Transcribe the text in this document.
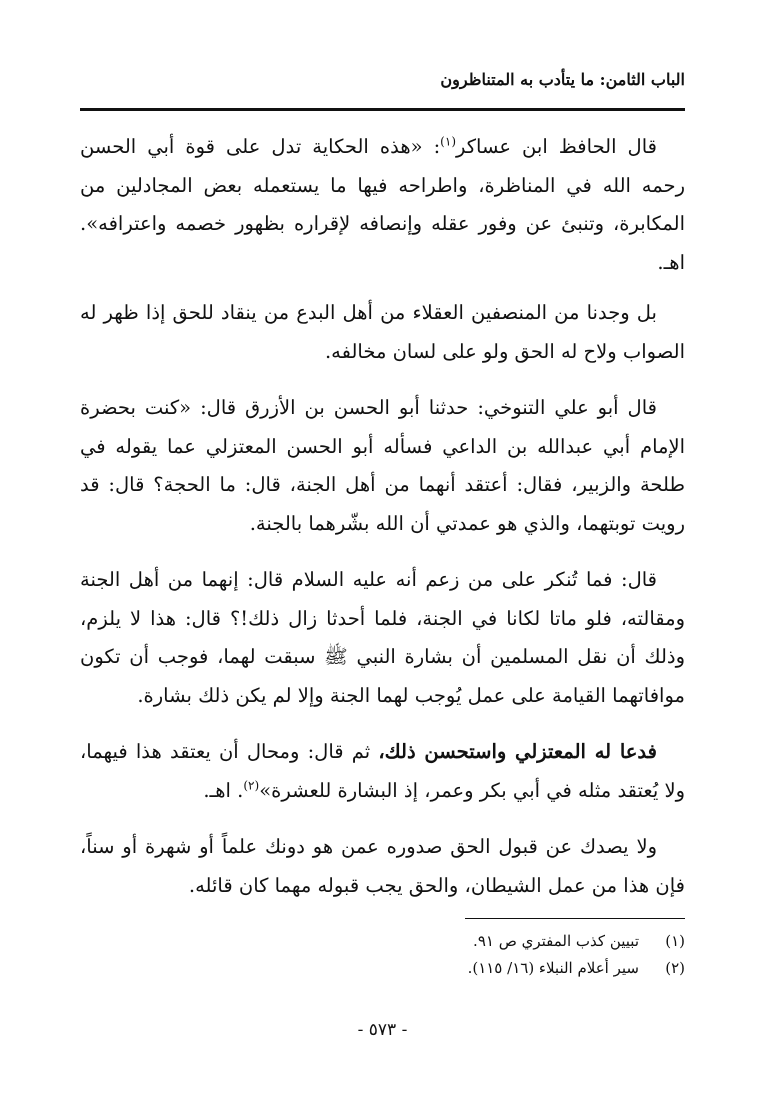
الباب الثامن: ما يتأدب به المتناظرون

قال الحافظ ابن عساكر$^{(١)}$: «هذه الحكاية تدل على قوة أبي الحسن رحمه الله في المناظرة، واطراحه فيها ما يستعمله بعض المجادلين من المكابرة، وتنبئ عن وفور عقله وإنصافه لإقراره بظهور خصمه واعترافه». اهـ.

بل وجدنا من المنصفين العقلاء من أهل البدع من ينقاد للحق إذا ظهر له الصواب ولاح له الحق ولو على لسان مخالفه.

قال أبو علي التنوخي: حدثنا أبو الحسن بن الأزرق قال: «كنت بحضرة الإمام أبي عبدالله بن الداعي فسأله أبو الحسن المعتزلي عما يقوله في طلحة والزبير، فقال: أعتقد أنهما من أهل الجنة، قال: ما الحجة؟ قال: قد رويت توبتهما، والذي هو عمدتي أن الله بشّرهما بالجنة.

قال: فما تُنكر على من زعم أنه عليه السلام قال: إنهما من أهل الجنة ومقالته، فلو ماتا لكانا في الجنة، فلما أحدثا زال ذلك!؟ قال: هذا لا يلزم، وذلك أن نقل المسلمين أن بشارة النبي ﷺ سبقت لهما، فوجب أن تكون موافاتهما القيامة على عمل يُوجب لهما الجنة وإلا لم يكن ذلك بشارة.

فدعا له المعتزلي واستحسن ذلك، ثم قال: ومحال أن يعتقد هذا فيهما، ولا يُعتقد مثله في أبي بكر وعمر، إذ البشارة للعشرة»$^{(٢)}$. اهـ.

ولا يصدك عن قبول الحق صدوره عمن هو دونك علماً أو شهرة أو سناً، فإن هذا من عمل الشيطان، والحق يجب قبوله مهما كان قائله.

(١)
تبيين كذب المفتري ص ٩١.
(٢)
سير أعلام النبلاء (١٦/ ١١٥).
- ٥٧٣ -
